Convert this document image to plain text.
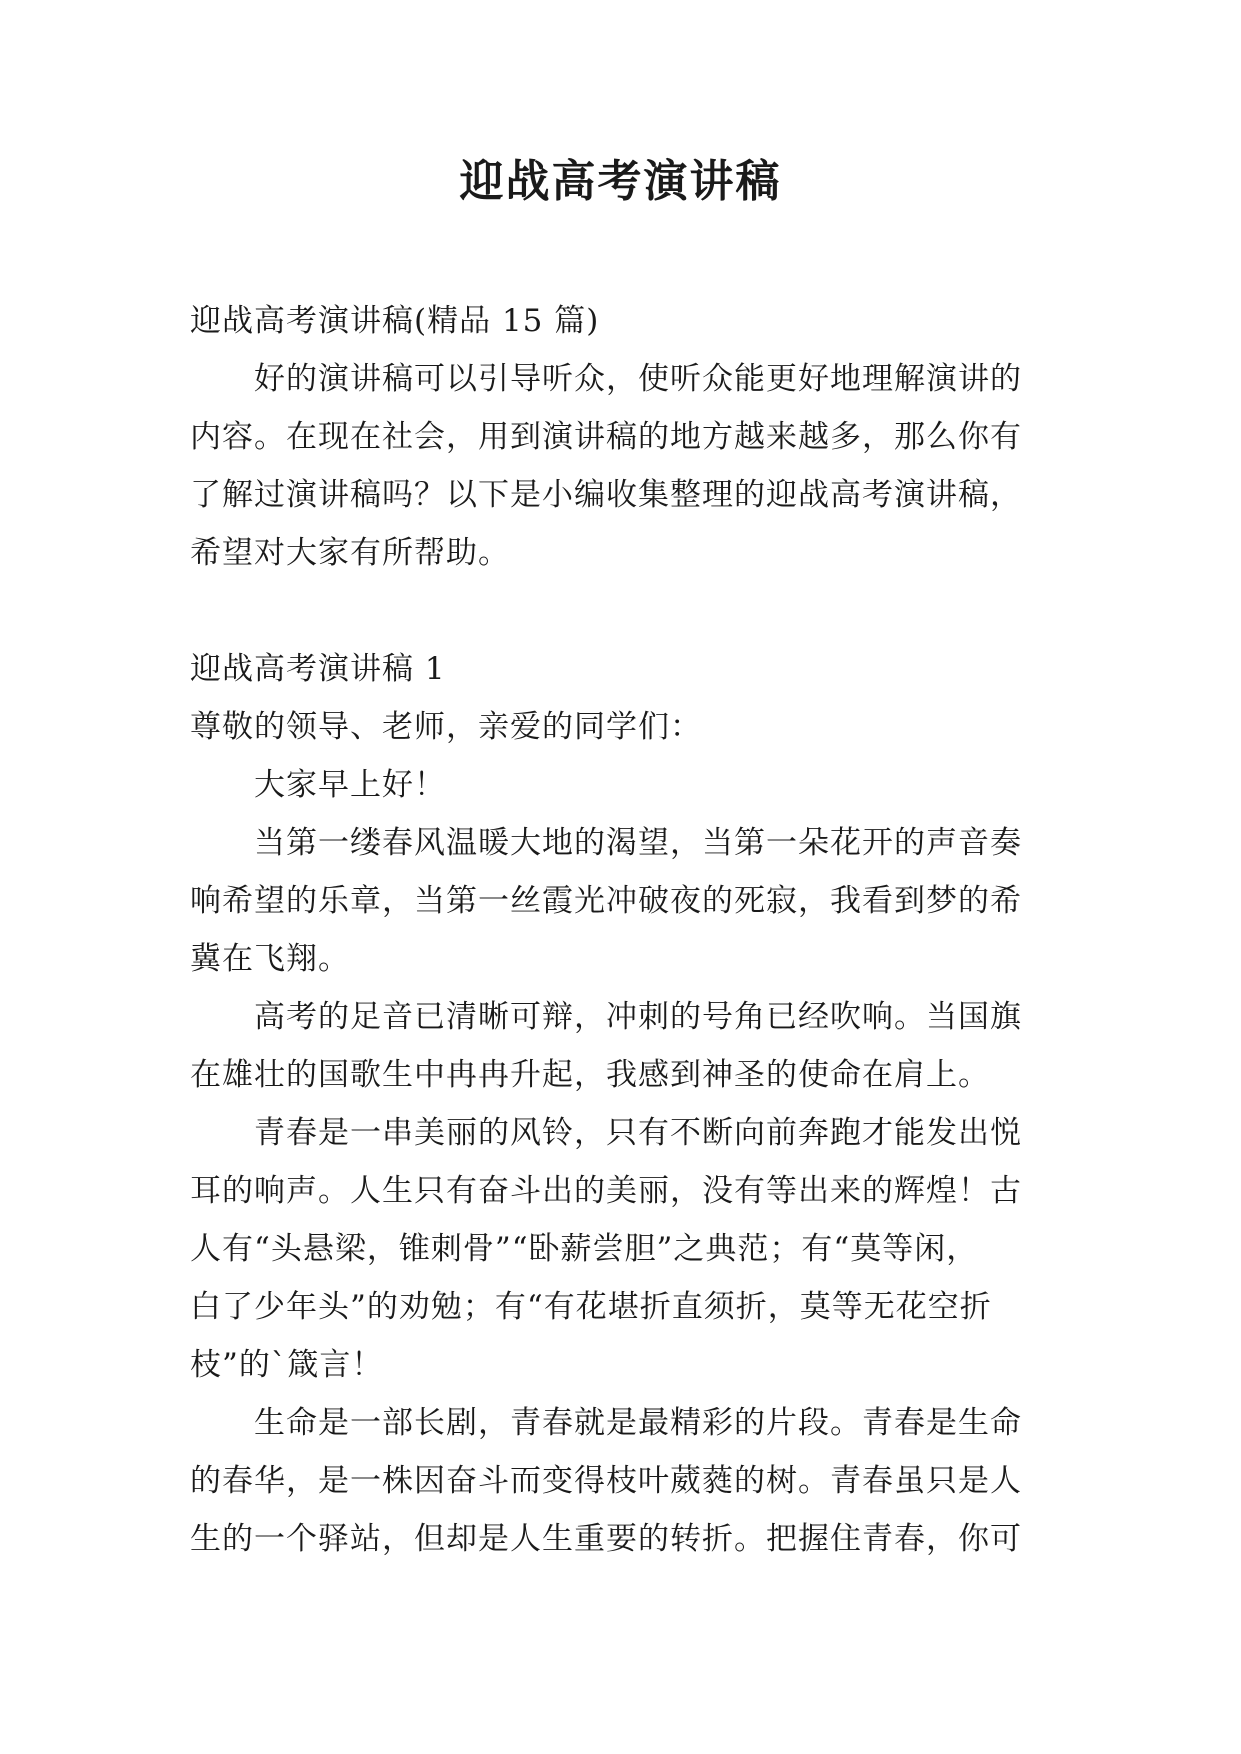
迎战高考演讲稿
迎战高考演讲稿(精品 15 篇)
好的演讲稿可以引导听众，使听众能更好地理解演讲的
内容。在现在社会，用到演讲稿的地方越来越多，那么你有
了解过演讲稿吗？以下是小编收集整理的迎战高考演讲稿，
希望对大家有所帮助。
迎战高考演讲稿 1
尊敬的领导、老师，亲爱的同学们：
大家早上好！
当第一缕春风温暖大地的渴望，当第一朵花开的声音奏
响希望的乐章，当第一丝霞光冲破夜的死寂，我看到梦的希
冀在飞翔。
高考的足音已清晰可辩，冲刺的号角已经吹响。当国旗
在雄壮的国歌生中冉冉升起，我感到神圣的使命在肩上。
青春是一串美丽的风铃，只有不断向前奔跑才能发出悦
耳的响声。人生只有奋斗出的美丽，没有等出来的辉煌！古
人有“头悬梁，锥刺骨”“卧薪尝胆”之典范；有“莫等闲，
白了少年头”的劝勉；有“有花堪折直须折，莫等无花空折
枝”的`箴言！
生命是一部长剧，青春就是最精彩的片段。青春是生命
的春华，是一株因奋斗而变得枝叶葳蕤的树。青春虽只是人
生的一个驿站，但却是人生重要的转折。把握住青春，你可
